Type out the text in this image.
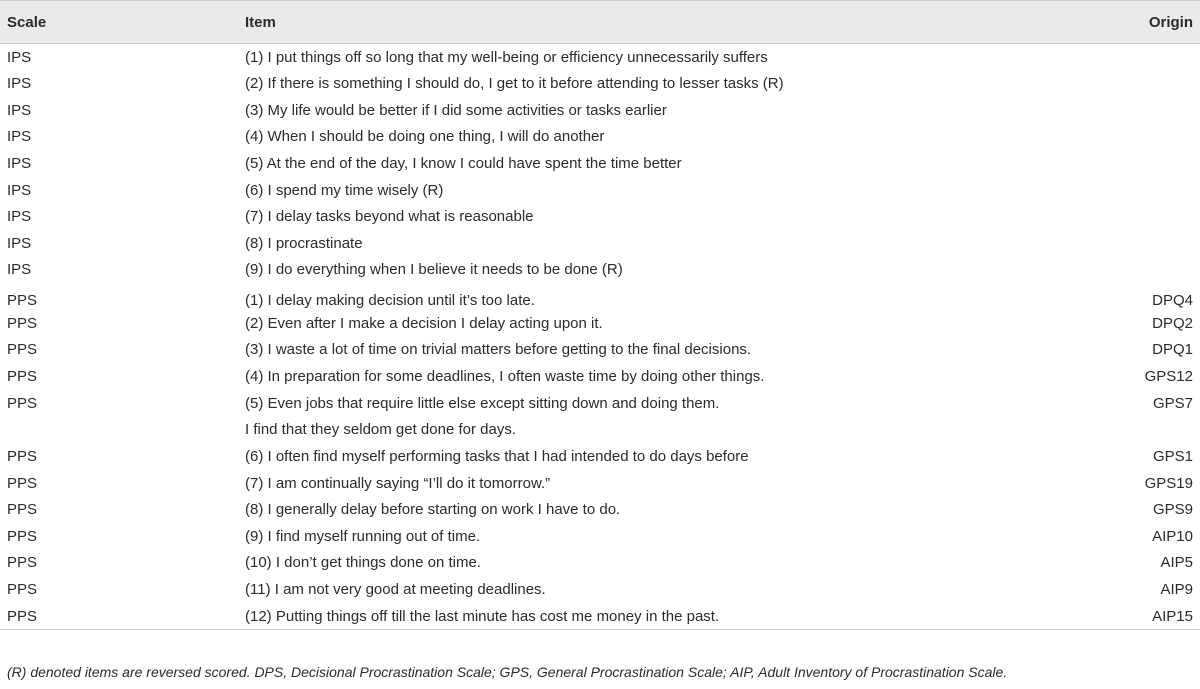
Scale	Item	Origin
IPS	(1) I put things off so long that my well-being or efficiency unnecessarily suffers	
IPS	(2) If there is something I should do, I get to it before attending to lesser tasks (R)	
IPS	(3) My life would be better if I did some activities or tasks earlier	
IPS	(4) When I should be doing one thing, I will do another	
IPS	(5) At the end of the day, I know I could have spent the time better	
IPS	(6) I spend my time wisely (R)	
IPS	(7) I delay tasks beyond what is reasonable	
IPS	(8) I procrastinate	
IPS	(9) I do everything when I believe it needs to be done (R)	
PPS	(1) I delay making decision until it’s too late.	DPQ4
PPS	(2) Even after I make a decision I delay acting upon it.	DPQ2
PPS	(3) I waste a lot of time on trivial matters before getting to the final decisions.	DPQ1
PPS	(4) In preparation for some deadlines, I often waste time by doing other things.	GPS12
PPS	(5) Even jobs that require little else except sitting down and doing them.	GPS7
	I find that they seldom get done for days.	
PPS	(6) I often find myself performing tasks that I had intended to do days before	GPS1
PPS	(7) I am continually saying “I’ll do it tomorrow.”	GPS19
PPS	(8) I generally delay before starting on work I have to do.	GPS9
PPS	(9) I find myself running out of time.	AIP10
PPS	(10) I don’t get things done on time.	AIP5
PPS	(11) I am not very good at meeting deadlines.	AIP9
PPS	(12) Putting things off till the last minute has cost me money in the past.	AIP15
(R) denoted items are reversed scored. DPS, Decisional Procrastination Scale; GPS, General Procrastination Scale; AIP, Adult Inventory of Procrastination Scale.
